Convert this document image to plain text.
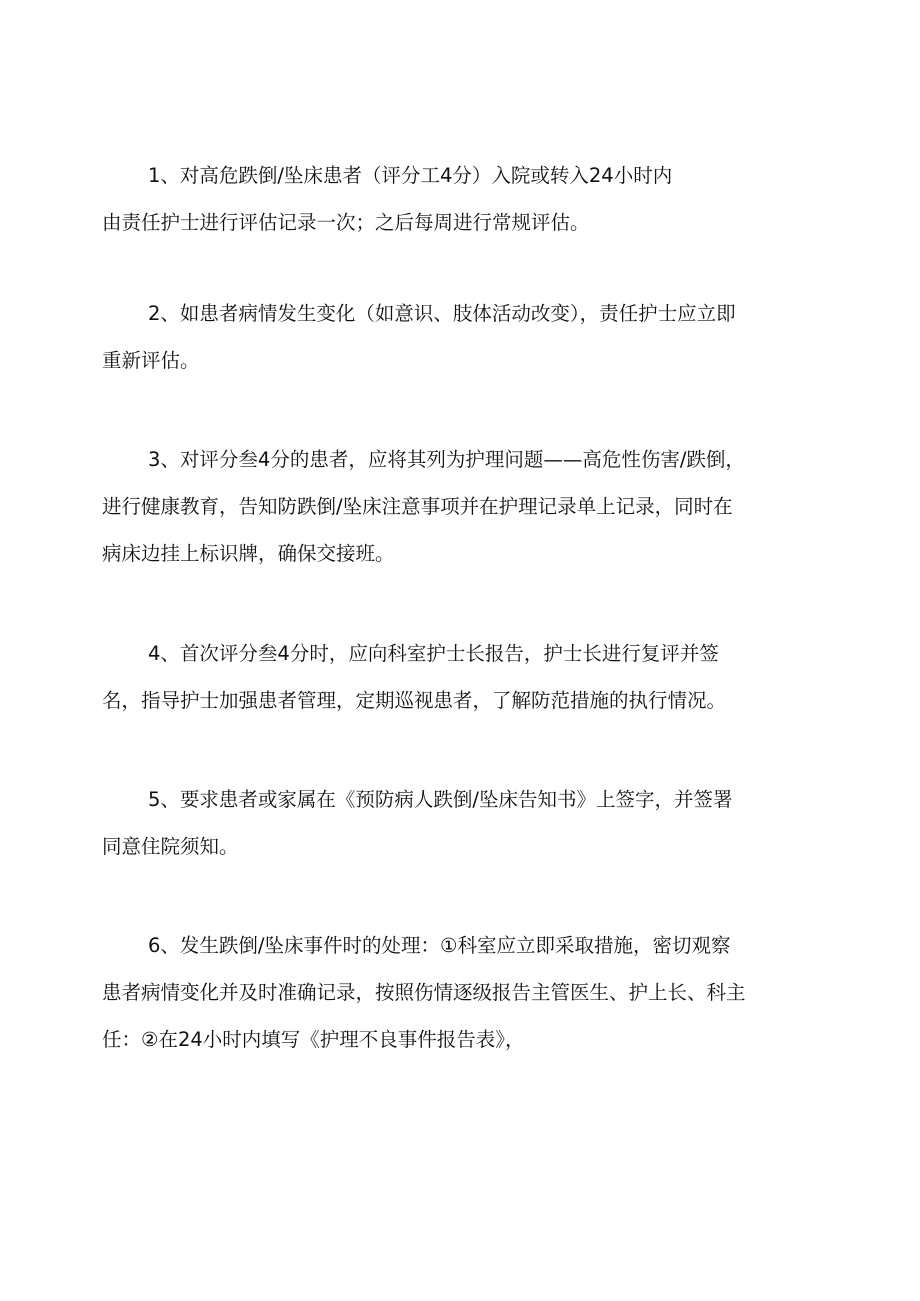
1、对高危跌倒/坠床患者（评分工4分）入院或转入24小时内
由责任护士进行评估记录一次；之后每周进行常规评估。
2、如患者病情发生变化（如意识、肢体活动改变），责任护士应立即
重新评估。
3、对评分叁4分的患者，应将其列为护理问题——高危性伤害/跌倒，
进行健康教育，告知防跌倒/坠床注意事项并在护理记录单上记录，同时在
病床边挂上标识牌，确保交接班。
4、首次评分叁4分时，应向科室护士长报告，护士长进行复评并签
名，指导护士加强患者管理，定期巡视患者，了解防范措施的执行情况。
5、要求患者或家属在《预防病人跌倒/坠床告知书》上签字，并签署
同意住院须知。
6、发生跌倒/坠床事件时的处理：①科室应立即采取措施，密切观察
患者病情变化并及时准确记录，按照伤情逐级报告主管医生、护上长、科主
任：②在24小时内填写《护理不良事件报告表》，
